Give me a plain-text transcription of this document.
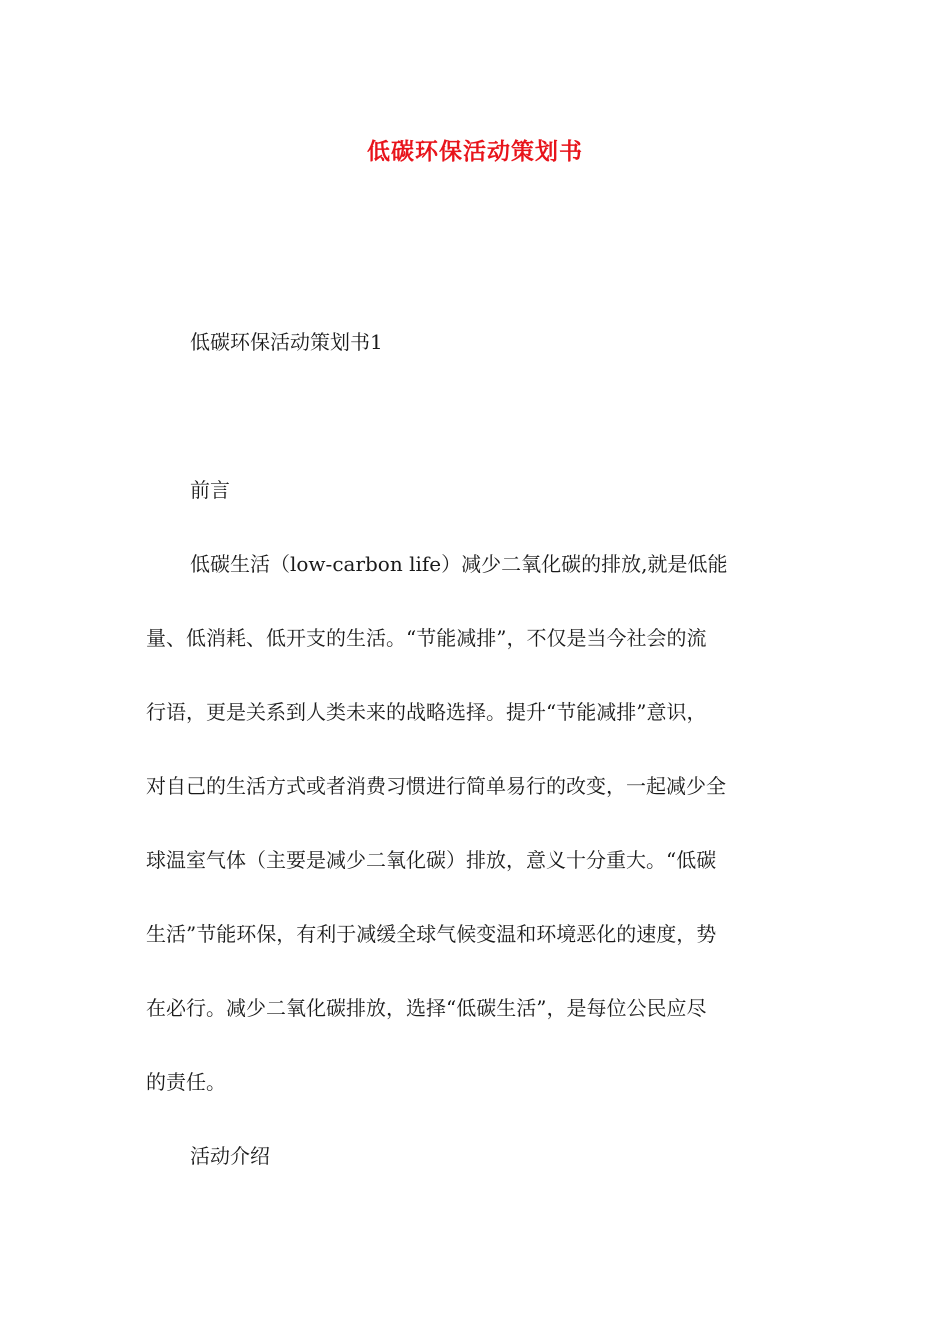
低碳环保活动策划书
低碳环保活动策划书1
前言
低碳生活（low-carbon life）减少二氧化碳的排放,就是低能
量、低消耗、低开支的生活。“节能减排”，不仅是当今社会的流
行语，更是关系到人类未来的战略选择。提升“节能减排”意识，
对自己的生活方式或者消费习惯进行简单易行的改变，一起减少全
球温室气体（主要是减少二氧化碳）排放，意义十分重大。“低碳
生活”节能环保，有利于减缓全球气候变温和环境恶化的速度，势
在必行。减少二氧化碳排放，选择“低碳生活”，是每位公民应尽
的责任。
活动介绍
